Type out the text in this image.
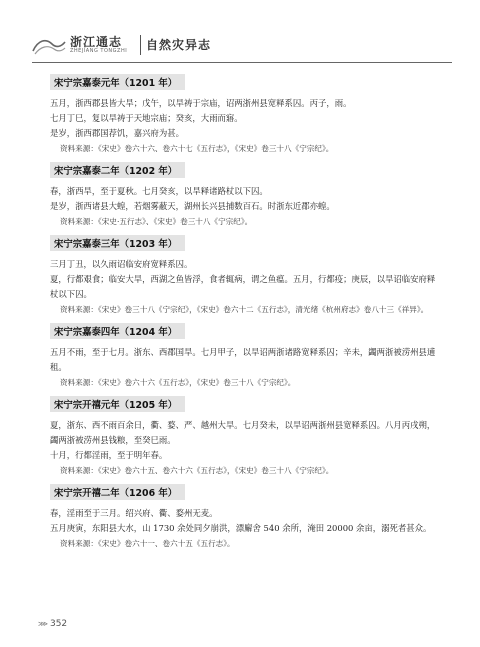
浙江通志
ZHEJIANG TONGZHI 自然灾异志
宋宁宗嘉泰元年（1201 年）

五月，浙西郡县皆大旱；戊午，以旱祷于宗庙，诏两浙州县宽释系囚。丙子，雨。

七月丁巳，复以旱祷于天地宗庙；癸亥，大雨而寤。

是岁，浙西郡国荐饥，嘉兴府为甚。

资料来源：《宋史》卷六十六、卷六十七《五行志》，《宋史》卷三十八《宁宗纪》。

宋宁宗嘉泰二年（1202 年）

春，浙西旱，至于夏秋。七月癸亥，以旱释诸路杖以下囚。

是岁，浙西诸县大蝗，若烟雾蔽天，湖州长兴县捕数百石。时浙东近郡亦蝗。

资料来源：《宋史·五行志》、《宋史》卷三十八《宁宗纪》。

宋宁宗嘉泰三年（1203 年）

三月丁丑，以久雨诏临安府宽释系囚。

夏，行都艰食；临安大旱，西湖之鱼皆浮，食者辄病，谓之鱼瘟。五月，行都疫；庚辰，以旱诏临安府释杖以下囚。

资料来源：《宋史》卷三十八《宁宗纪》，《宋史》卷六十二《五行志》，清光绪《杭州府志》卷八十三《祥异》。

宋宁宗嘉泰四年（1204 年）

五月不雨，至于七月。浙东、西郡国旱。七月甲子，以旱诏两浙诸路宽释系囚；辛未，蠲两浙被涝州县逋租。

资料来源：《宋史》卷六十六《五行志》，《宋史》卷三十八《宁宗纪》。

宋宁宗开禧元年（1205 年）

夏，浙东、西不雨百余日，衢、婺、严、越州大旱。七月癸未，以旱诏两浙州县宽释系囚。八月丙戌朔，蠲两浙被涝州县钱粮，至癸巳雨。

十月，行都淫雨，至于明年春。

资料来源：《宋史》卷六十五、卷六十六《五行志》，《宋史》卷三十八《宁宗纪》。

宋宁宗开禧二年（1206 年）

春，淫雨至于三月。绍兴府、衢、婺州无麦。

五月庚寅，东阳县大水，山 1730 余处同夕崩洪，漂廨舍 540 余所，淹田 20000 余亩，溺死者甚众。

资料来源：《宋史》卷六十一、卷六十五《五行志》。

⋙ 352
